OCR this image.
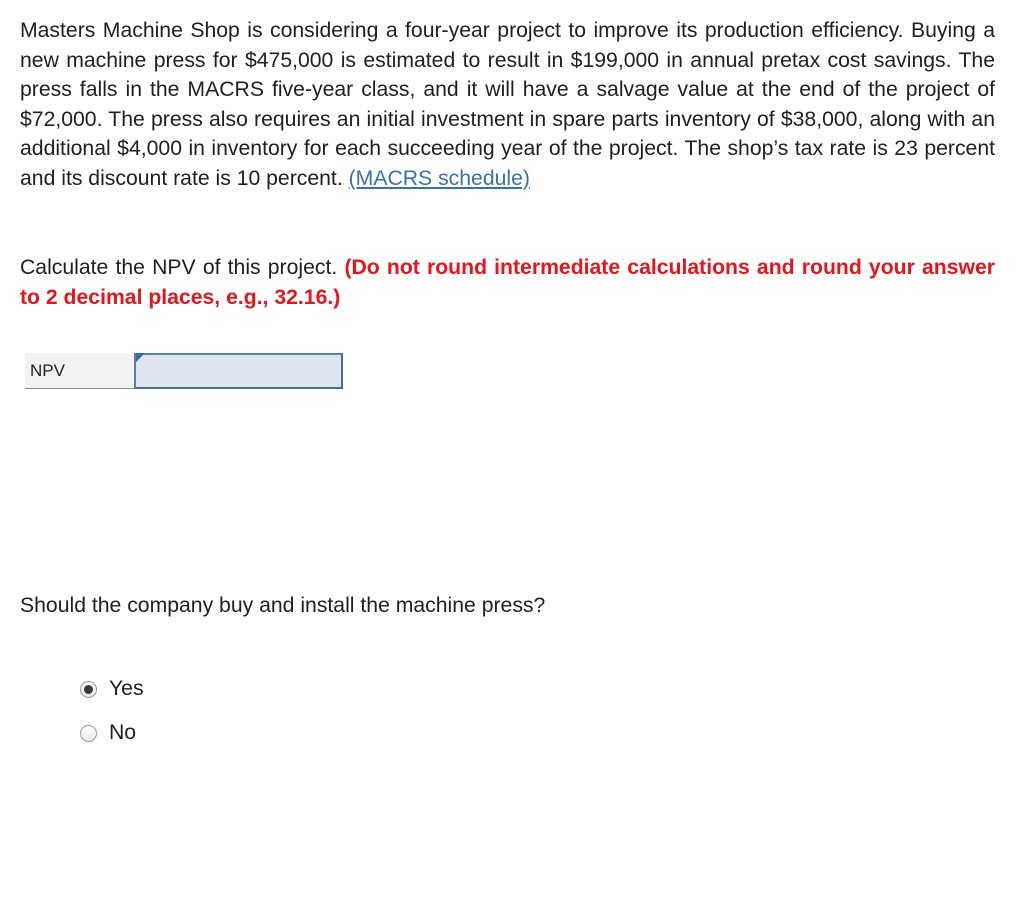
Masters Machine Shop is considering a four-year project to improve its production efficiency. Buying a new machine press for $475,000 is estimated to result in $199,000 in annual pretax cost savings. The press falls in the MACRS five-year class, and it will have a salvage value at the end of the project of $72,000. The press also requires an initial investment in spare parts inventory of $38,000, along with an additional $4,000 in inventory for each succeeding year of the project. The shop’s tax rate is 23 percent and its discount rate is 10 percent. (MACRS schedule)

Calculate the NPV of this project. (Do not round intermediate calculations and round your answer to 2 decimal places, e.g., 32.16.)

NPV

Should the company buy and install the machine press?

Yes
No
